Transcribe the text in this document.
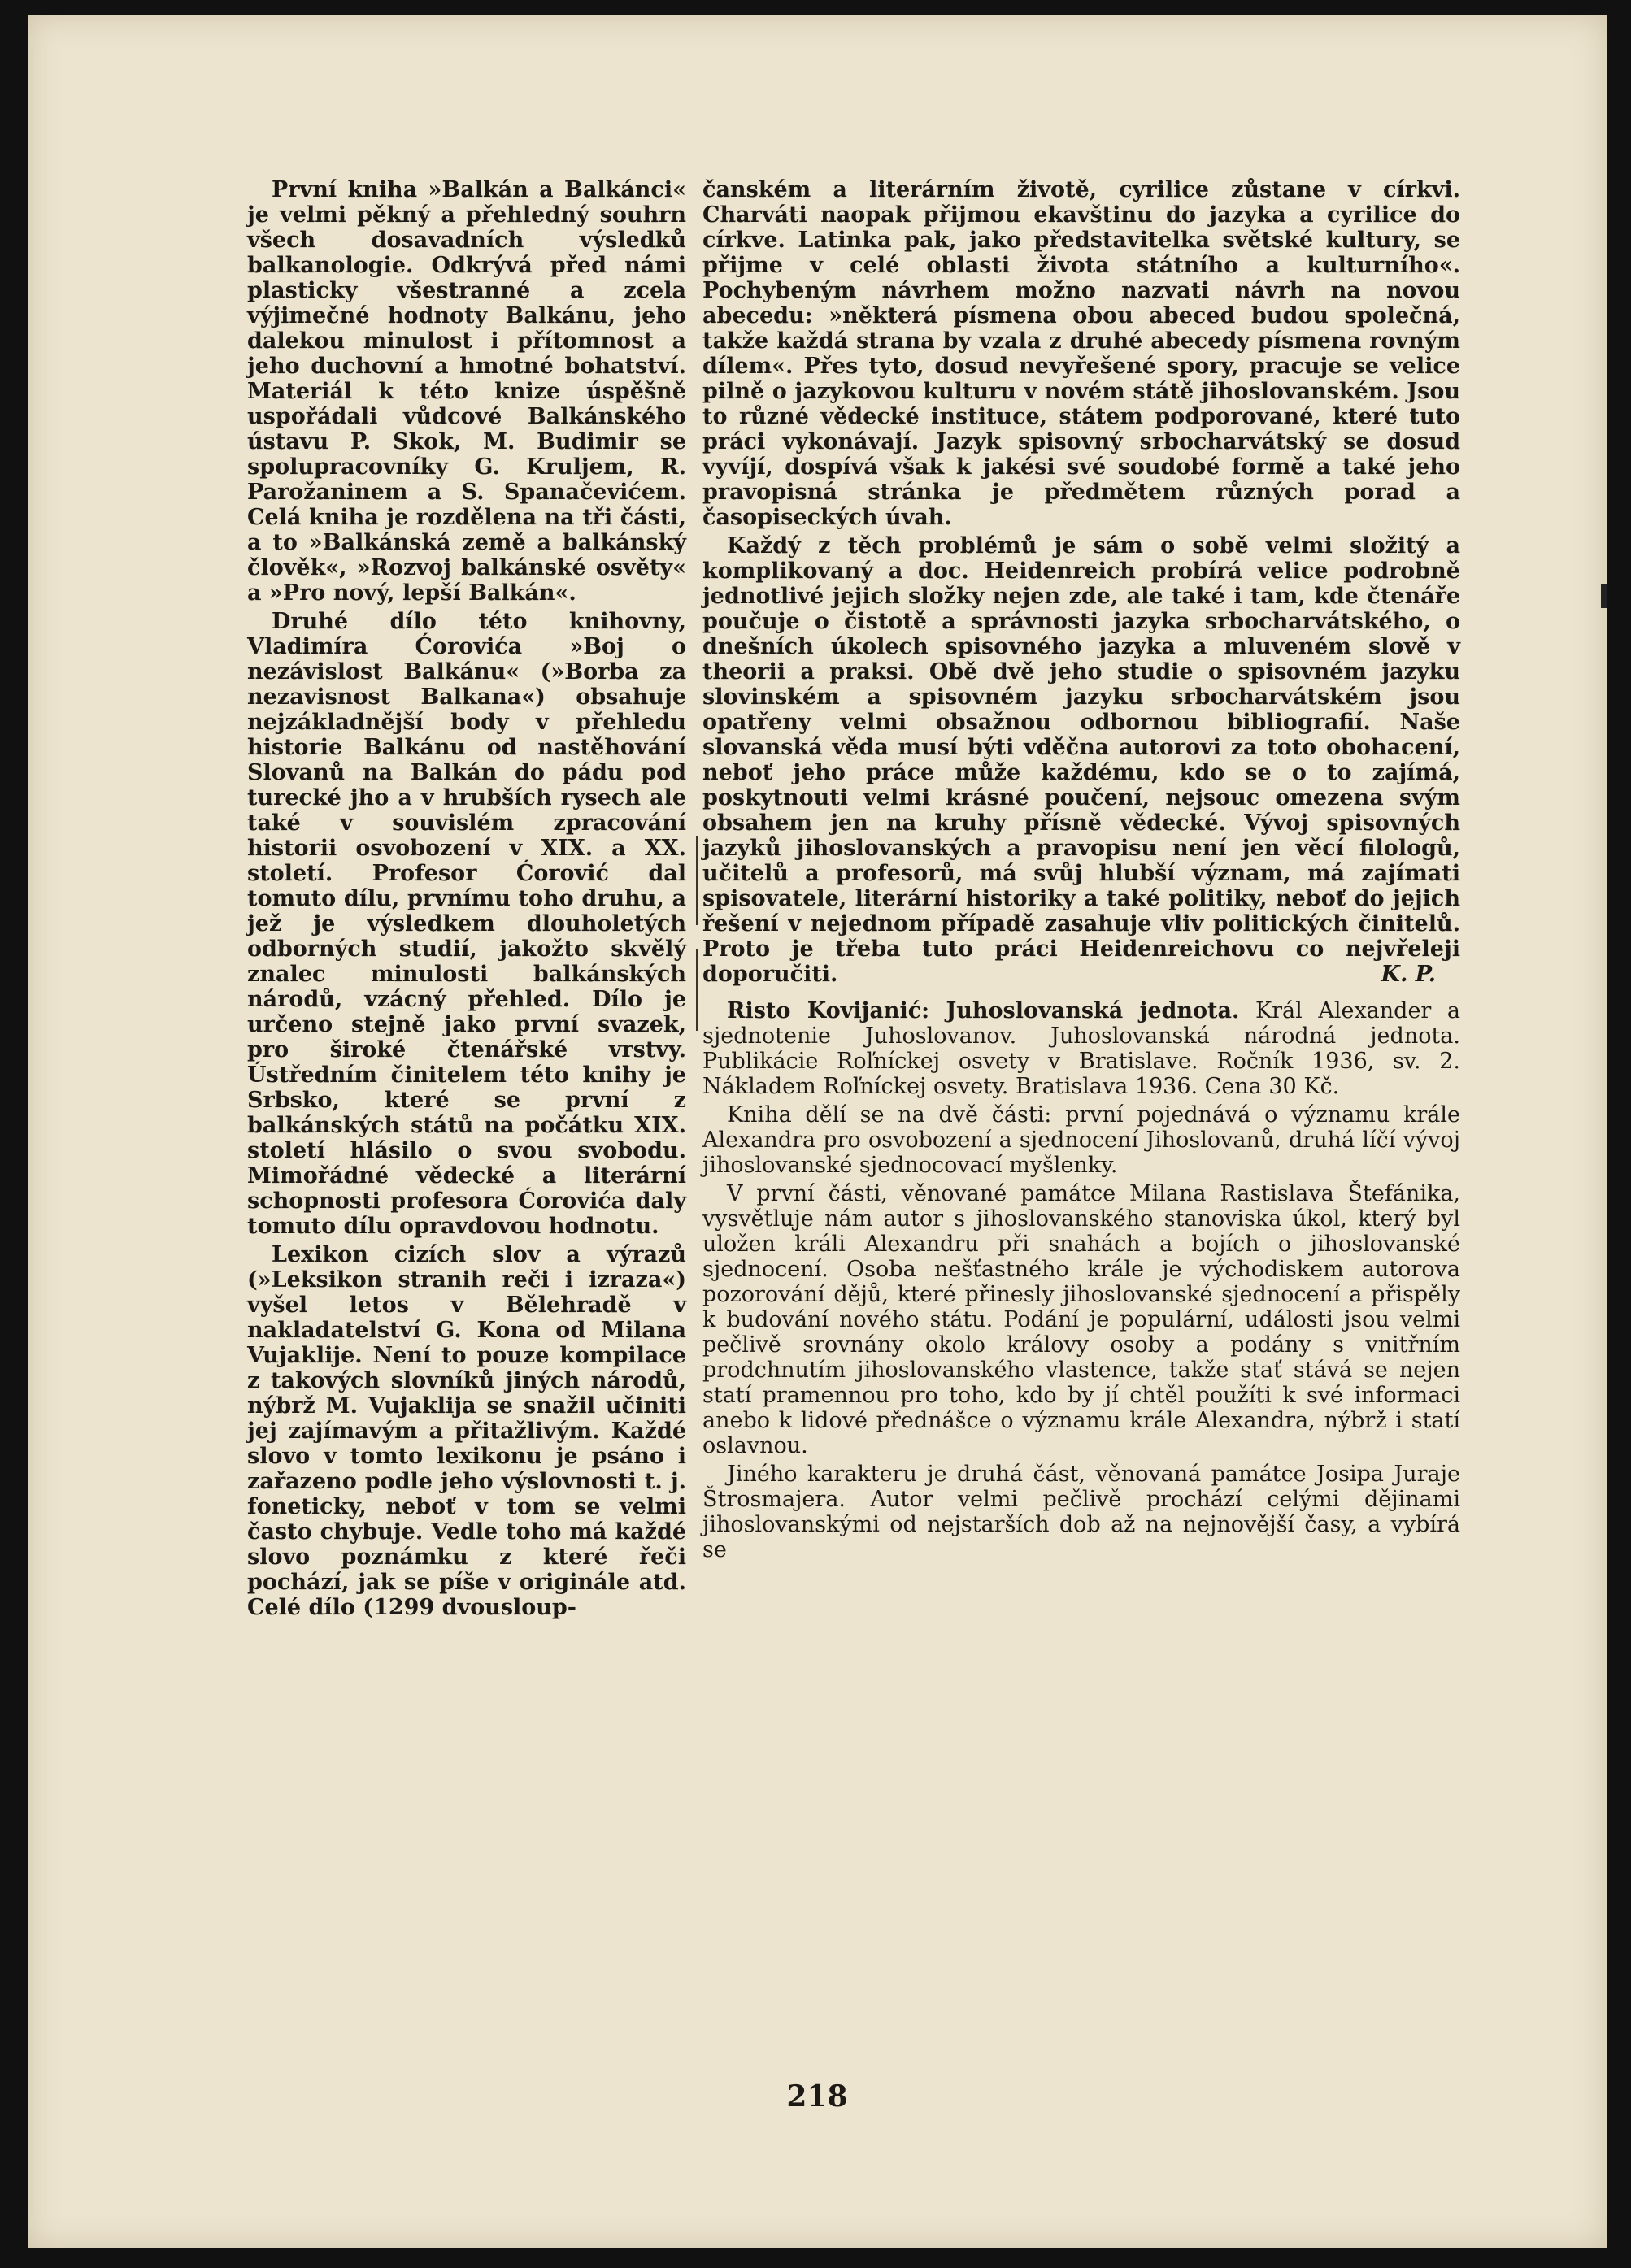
První kniha »Balkán a Balkánci« je velmi pěkný a přehledný souhrn všech dosavadních výsledků balkanologie. Odkrývá před námi plasticky všestranné a zcela výjimečné hodnoty Balkánu, jeho dalekou minulost i přítomnost a jeho duchovní a hmotné bohatství. Materiál k této knize úspěšně uspořádali vůdcové Balkánského ústavu P. Skok, M. Budimir se spolupracovníky G. Kruljem, R. Parožaninem a S. Spanačevićem. Celá kniha je rozdělena na tři části, a to »Balkánská země a balkánský člověk«, »Rozvoj balkánské osvěty« a »Pro nový, lepší Balkán«.

Druhé dílo této knihovny, Vladimíra Ćorovića »Boj o nezávislost Balkánu« (»Borba za nezavisnost Balkana«) obsahuje nejzákladnější body v přehledu historie Balkánu od nastěhování Slovanů na Balkán do pádu pod turecké jho a v hrubších rysech ale také v souvislém zpracování historii osvobození v XIX. a XX. století. Profesor Ćorović dal tomuto dílu, prvnímu toho druhu, a jež je výsledkem dlouholetých odborných studií, jakožto skvělý znalec minulosti balkánských národů, vzácný přehled. Dílo je určeno stejně jako první svazek, pro široké čtenářské vrstvy. Ústředním činitelem této knihy je Srbsko, které se první z balkánských států na počátku XIX. století hlásilo o svou svobodu. Mimořádné vědecké a literární schopnosti profesora Ćorovića daly tomuto dílu opravdovou hodnotu.

Lexikon cizích slov a výrazů (»Leksikon stranih reči i izraza«) vyšel letos v Bělehradě v nakladatelství G. Kona od Milana Vujaklije. Není to pouze kompilace z takových slovníků jiných národů, nýbrž M. Vujaklija se snažil učiniti jej zajímavým a přitažlivým. Každé slovo v tomto lexikonu je psáno i zařazeno podle jeho výslovnosti t. j. foneticky, neboť v tom se velmi často chybuje. Vedle toho má každé slovo poznámku z které řeči pochází, jak se píše v originále atd. Celé dílo (1299 dvousloup-

čanském a literárním životě, cyrilice zůstane v církvi. Charváti naopak přijmou ekavštinu do jazyka a cyrilice do církve. Latinka pak, jako představitelka světské kultury, se přijme v celé oblasti života státního a kulturního«. Pochybeným návrhem možno nazvati návrh na novou abecedu: »některá písmena obou abeced budou společná, takže každá strana by vzala z druhé abecedy písmena rovným dílem«. Přes tyto, dosud nevyřešené spory, pracuje se velice pilně o jazykovou kulturu v novém státě jihoslovanském. Jsou to různé vědecké instituce, státem podporované, které tuto práci vykonávají. Jazyk spisovný srbocharvátský se dosud vyvíjí, dospívá však k jakési své soudobé formě a také jeho pravopisná stránka je předmětem různých porad a časopiseckých úvah.

Každý z těch problémů je sám o sobě velmi složitý a komplikovaný a doc. Heidenreich probírá velice podrobně jednotlivé jejich složky nejen zde, ale také i tam, kde čtenáře poučuje o čistotě a správnosti jazyka srbocharvátského, o dnešních úkolech spisovného jazyka a mluveném slově v theorii a praksi. Obě dvě jeho studie o spisovném jazyku slovinském a spisovném jazyku srbocharvátském jsou opatřeny velmi obsažnou odbornou bibliografií. Naše slovanská věda musí býti vděčna autorovi za toto obohacení, neboť jeho práce může každému, kdo se o to zajímá, poskytnouti velmi krásné poučení, nejsouc omezena svým obsahem jen na kruhy přísně vědecké. Vývoj spisovných jazyků jihoslovanských a pravopisu není jen věcí filologů, učitelů a profesorů, má svůj hlubší význam, má zajímati spisovatele, literární historiky a také politiky, neboť do jejich řešení v nejednom případě zasahuje vliv politických činitelů. Proto je třeba tuto práci Heidenreichovu co nejvřeleji doporučiti.	K. P.

Risto Kovijanić: Juhoslovanská jednota. Král Alexander a sjednotenie Juhoslovanov. Juhoslovanská národná jednota. Publikácie Roľníckej osvety v Bratislave. Ročník 1936, sv. 2. Nákladem Roľníckej osvety. Bratislava 1936. Cena 30 Kč.

Kniha dělí se na dvě části: první pojednává o významu krále Alexandra pro osvobození a sjednocení Jihoslovanů, druhá líčí vývoj jihoslovanské sjednocovací myšlenky.

V první části, věnované památce Milana Rastislava Štefánika, vysvětluje nám autor s jihoslovanského stanoviska úkol, který byl uložen králi Alexandru při snahách a bojích o jihoslovanské sjednocení. Osoba nešťastného krále je východiskem autorova pozorování dějů, které přinesly jihoslovanské sjednocení a přispěly k budování nového státu. Podání je populární, události jsou velmi pečlivě srovnány okolo královy osoby a podány s vnitřním prodchnutím jihoslovanského vlastence, takže stať stává se nejen statí pramennou pro toho, kdo by jí chtěl použíti k své informaci anebo k lidové přednášce o významu krále Alexandra, nýbrž i statí oslavnou.

Jiného karakteru je druhá část, věnovaná památce Josipa Juraje Štrosmajera. Autor velmi pečlivě prochází celými dějinami jihoslovanskými od nejstarších dob až na nejnovější časy, a vybírá se

218
